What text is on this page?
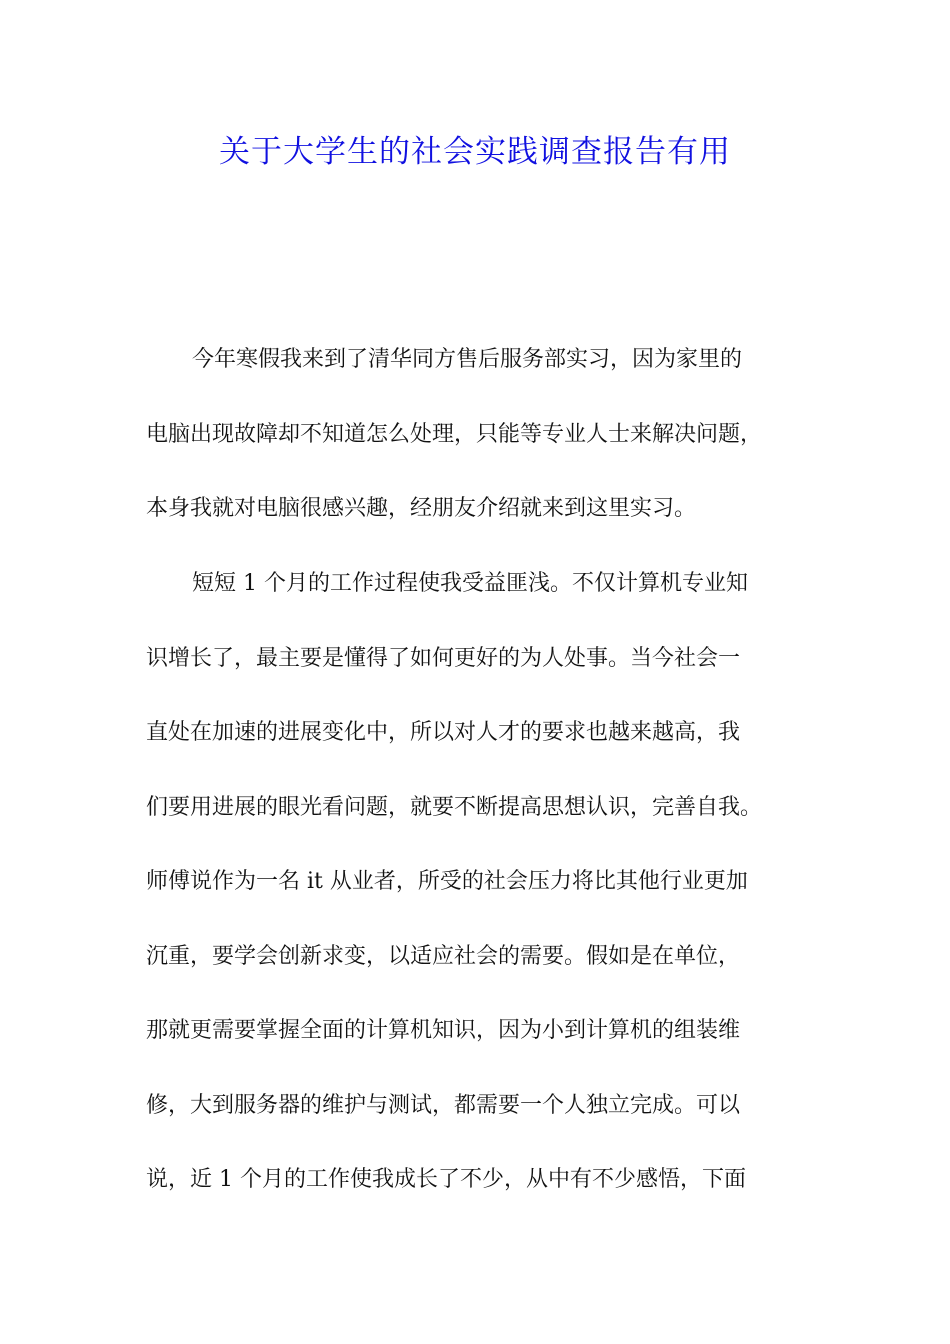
关于大学生的社会实践调查报告有用
今年寒假我来到了清华同方售后服务部实习，因为家里的
电脑出现故障却不知道怎么处理，只能等专业人士来解决问题，
本身我就对电脑很感兴趣，经朋友介绍就来到这里实习。
短短 1 个月的工作过程使我受益匪浅。不仅计算机专业知
识增长了，最主要是懂得了如何更好的为人处事。当今社会一
直处在加速的进展变化中，所以对人才的要求也越来越高，我
们要用进展的眼光看问题，就要不断提高思想认识，完善自我。
师傅说作为一名 it 从业者，所受的社会压力将比其他行业更加
沉重，要学会创新求变，以适应社会的需要。假如是在单位，
那就更需要掌握全面的计算机知识，因为小到计算机的组装维
修，大到服务器的维护与测试，都需要一个人独立完成。可以
说，近 1 个月的工作使我成长了不少，从中有不少感悟，下面
